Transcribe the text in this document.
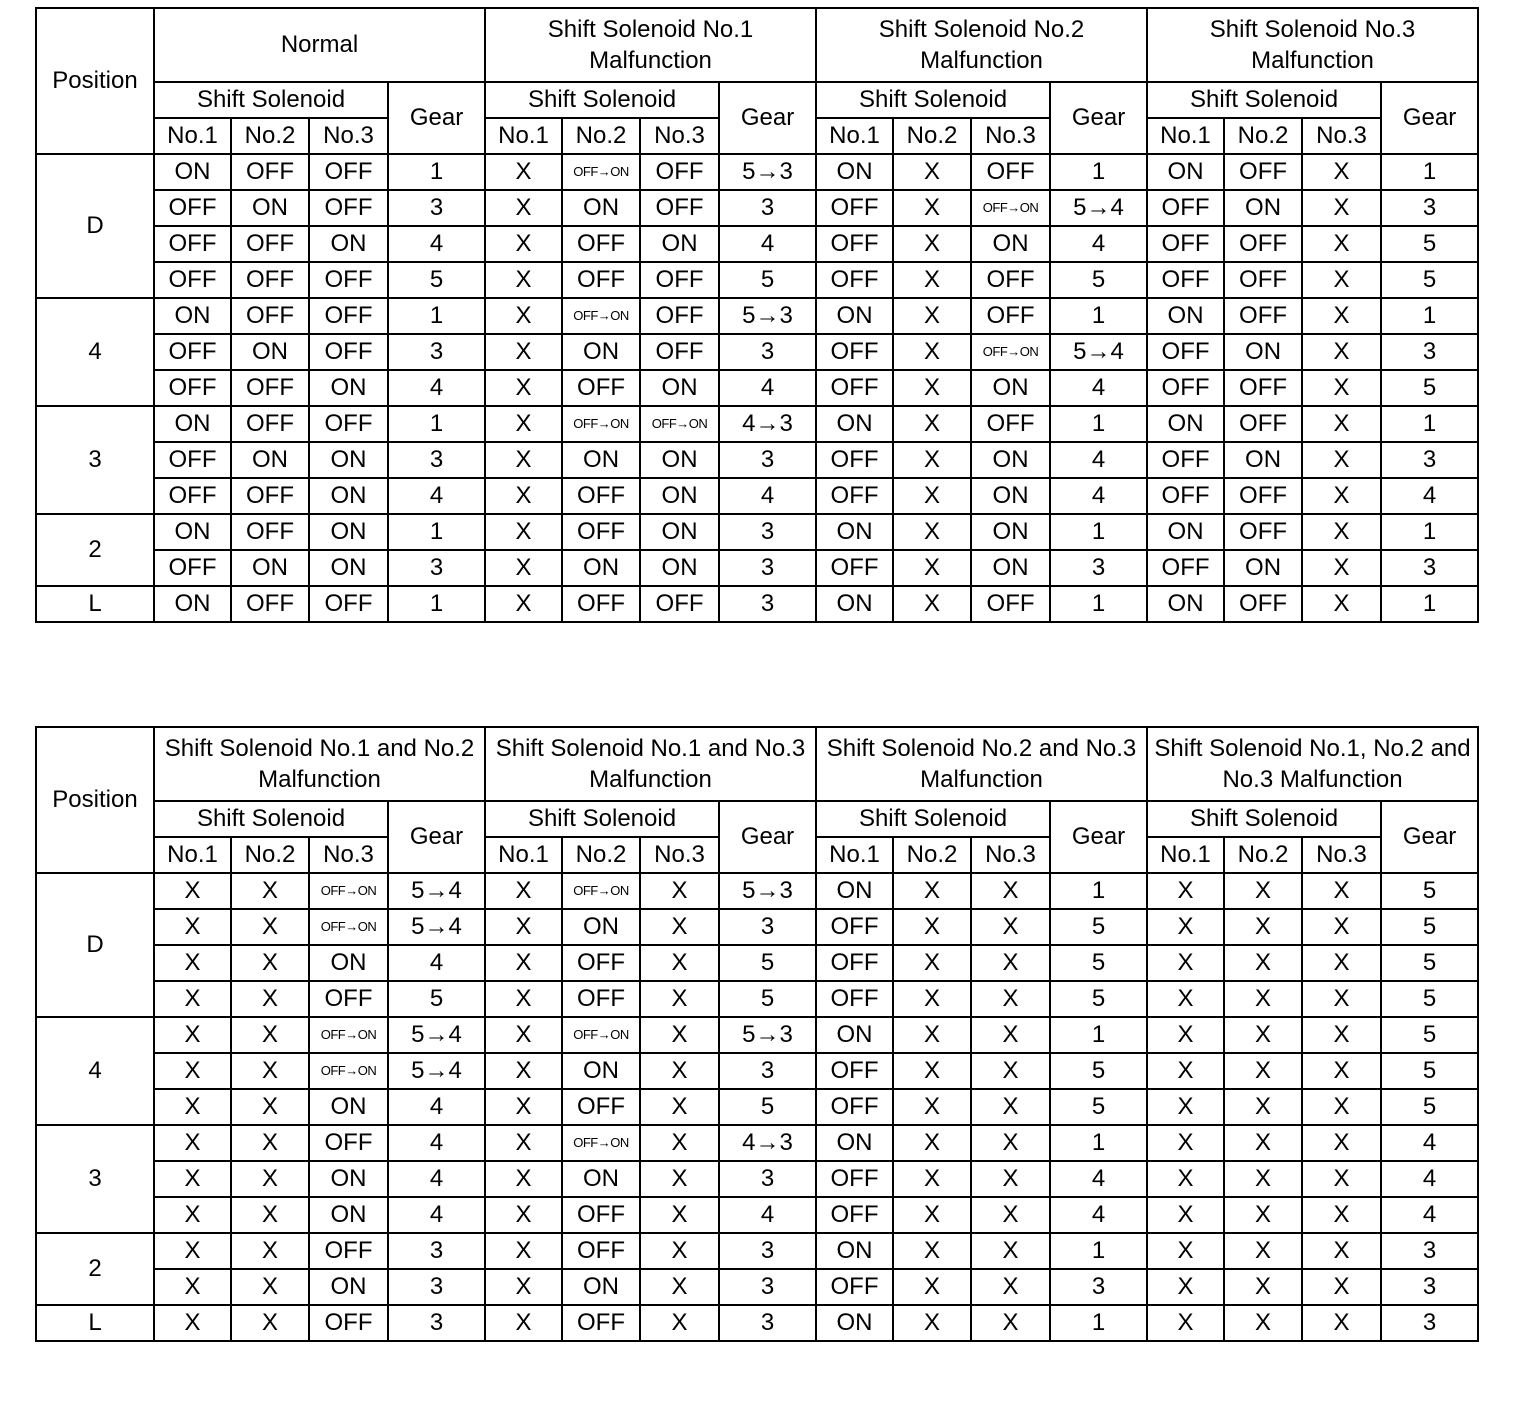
Position	Normal				Shift Solenoid No.1 Malfunction				Shift Solenoid No.2 Malfunction				Shift Solenoid No.3 Malfunction			
	Shift Solenoid			Gear	Shift Solenoid			Gear	Shift Solenoid			Gear	Shift Solenoid			Gear
	No.1	No.2	No.3		No.1	No.2	No.3		No.1	No.2	No.3		No.1	No.2	No.3	
D	ON	OFF	OFF	1	X	OFF→ON	OFF	5→3	ON	X	OFF	1	ON	OFF	X	1
	OFF	ON	OFF	3	X	ON	OFF	3	OFF	X	OFF→ON	5→4	OFF	ON	X	3
	OFF	OFF	ON	4	X	OFF	ON	4	OFF	X	ON	4	OFF	OFF	X	5
	OFF	OFF	OFF	5	X	OFF	OFF	5	OFF	X	OFF	5	OFF	OFF	X	5
4	ON	OFF	OFF	1	X	OFF→ON	OFF	5→3	ON	X	OFF	1	ON	OFF	X	1
	OFF	ON	OFF	3	X	ON	OFF	3	OFF	X	OFF→ON	5→4	OFF	ON	X	3
	OFF	OFF	ON	4	X	OFF	ON	4	OFF	X	ON	4	OFF	OFF	X	5
3	ON	OFF	OFF	1	X	OFF→ON	OFF→ON	4→3	ON	X	OFF	1	ON	OFF	X	1
	OFF	ON	ON	3	X	ON	ON	3	OFF	X	ON	4	OFF	ON	X	3
	OFF	OFF	ON	4	X	OFF	ON	4	OFF	X	ON	4	OFF	OFF	X	4
2	ON	OFF	ON	1	X	OFF	ON	3	ON	X	ON	1	ON	OFF	X	1
	OFF	ON	ON	3	X	ON	ON	3	OFF	X	ON	3	OFF	ON	X	3
L	ON	OFF	OFF	1	X	OFF	OFF	3	ON	X	OFF	1	ON	OFF	X	1
Position	Shift Solenoid No.1 and No.2 Malfunction				Shift Solenoid No.1 and No.3 Malfunction				Shift Solenoid No.2 and No.3 Malfunction				Shift Solenoid No.1, No.2 and No.3 Malfunction			
	Shift Solenoid			Gear	Shift Solenoid			Gear	Shift Solenoid			Gear	Shift Solenoid			Gear
	No.1	No.2	No.3		No.1	No.2	No.3		No.1	No.2	No.3		No.1	No.2	No.3	
D	X	X	OFF→ON	5→4	X	OFF→ON	X	5→3	ON	X	X	1	X	X	X	5
	X	X	OFF→ON	5→4	X	ON	X	3	OFF	X	X	5	X	X	X	5
	X	X	ON	4	X	OFF	X	5	OFF	X	X	5	X	X	X	5
	X	X	OFF	5	X	OFF	X	5	OFF	X	X	5	X	X	X	5
4	X	X	OFF→ON	5→4	X	OFF→ON	X	5→3	ON	X	X	1	X	X	X	5
	X	X	OFF→ON	5→4	X	ON	X	3	OFF	X	X	5	X	X	X	5
	X	X	ON	4	X	OFF	X	5	OFF	X	X	5	X	X	X	5
3	X	X	OFF	4	X	OFF→ON	X	4→3	ON	X	X	1	X	X	X	4
	X	X	ON	4	X	ON	X	3	OFF	X	X	4	X	X	X	4
	X	X	ON	4	X	OFF	X	4	OFF	X	X	4	X	X	X	4
2	X	X	OFF	3	X	OFF	X	3	ON	X	X	1	X	X	X	3
	X	X	ON	3	X	ON	X	3	OFF	X	X	3	X	X	X	3
L	X	X	OFF	3	X	OFF	X	3	ON	X	X	1	X	X	X	3
